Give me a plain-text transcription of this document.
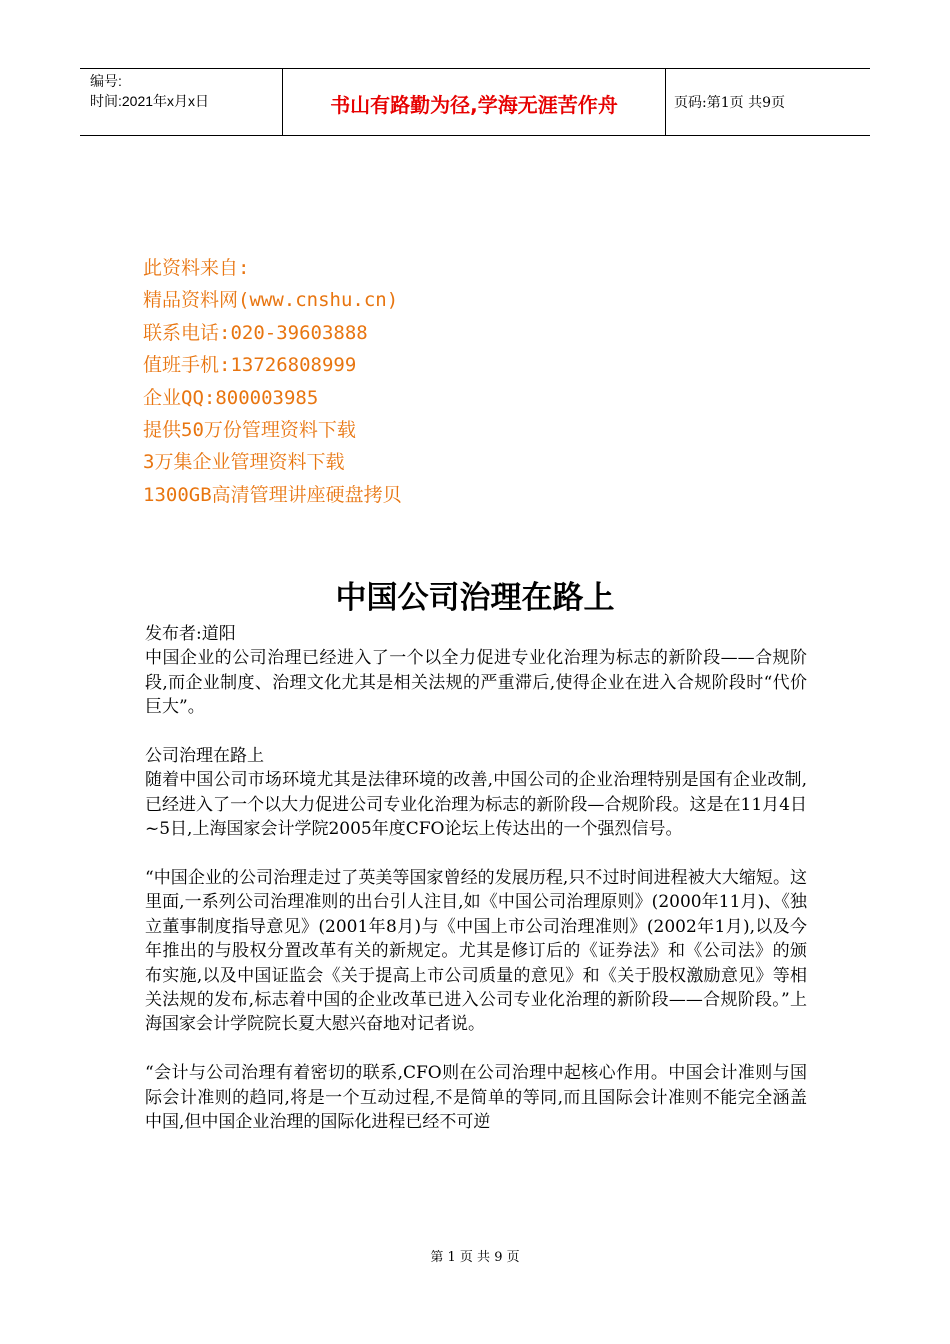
编号:
时间:2021年x月x日	书山有路勤为径,学海无涯苦作舟	页码:第1页 共9页
此资料来自:
精品资料网(www.cnshu.cn)
联系电话:020-39603888
值班手机:13726808999
企业QQ:800003985
提供50万份管理资料下载
3万集企业管理资料下载
1300GB高清管理讲座硬盘拷贝
中国公司治理在路上

发布者:道阳

中国企业的公司治理已经进入了一个以全力促进专业化治理为标志的新阶段——合规阶段,而企业制度、治理文化尤其是相关法规的严重滞后,使得企业在进入合规阶段时“代价巨大”。

公司治理在路上

随着中国公司市场环境尤其是法律环境的改善,中国公司的企业治理特别是国有企业改制,已经进入了一个以大力促进公司专业化治理为标志的新阶段—合规阶段。这是在11月4日~5日,上海国家会计学院2005年度CFO论坛上传达出的一个强烈信号。

“中国企业的公司治理走过了英美等国家曾经的发展历程,只不过时间进程被大大缩短。这里面,一系列公司治理准则的出台引人注目,如《中国公司治理原则》(2000年11月)、《独立董事制度指导意见》(2001年8月)与《中国上市公司治理准则》(2002年1月),以及今年推出的与股权分置改革有关的新规定。尤其是修订后的《证券法》和《公司法》的颁布实施,以及中国证监会《关于提高上市公司质量的意见》和《关于股权激励意见》等相关法规的发布,标志着中国的企业改革已进入公司专业化治理的新阶段——合规阶段。”上海国家会计学院院长夏大慰兴奋地对记者说。

“会计与公司治理有着密切的联系,CFO则在公司治理中起核心作用。中国会计准则与国际会计准则的趋同,将是一个互动过程,不是简单的等同,而且国际会计准则不能完全涵盖中国,但中国企业治理的国际化进程已经不可逆

第 1 页 共 9 页
